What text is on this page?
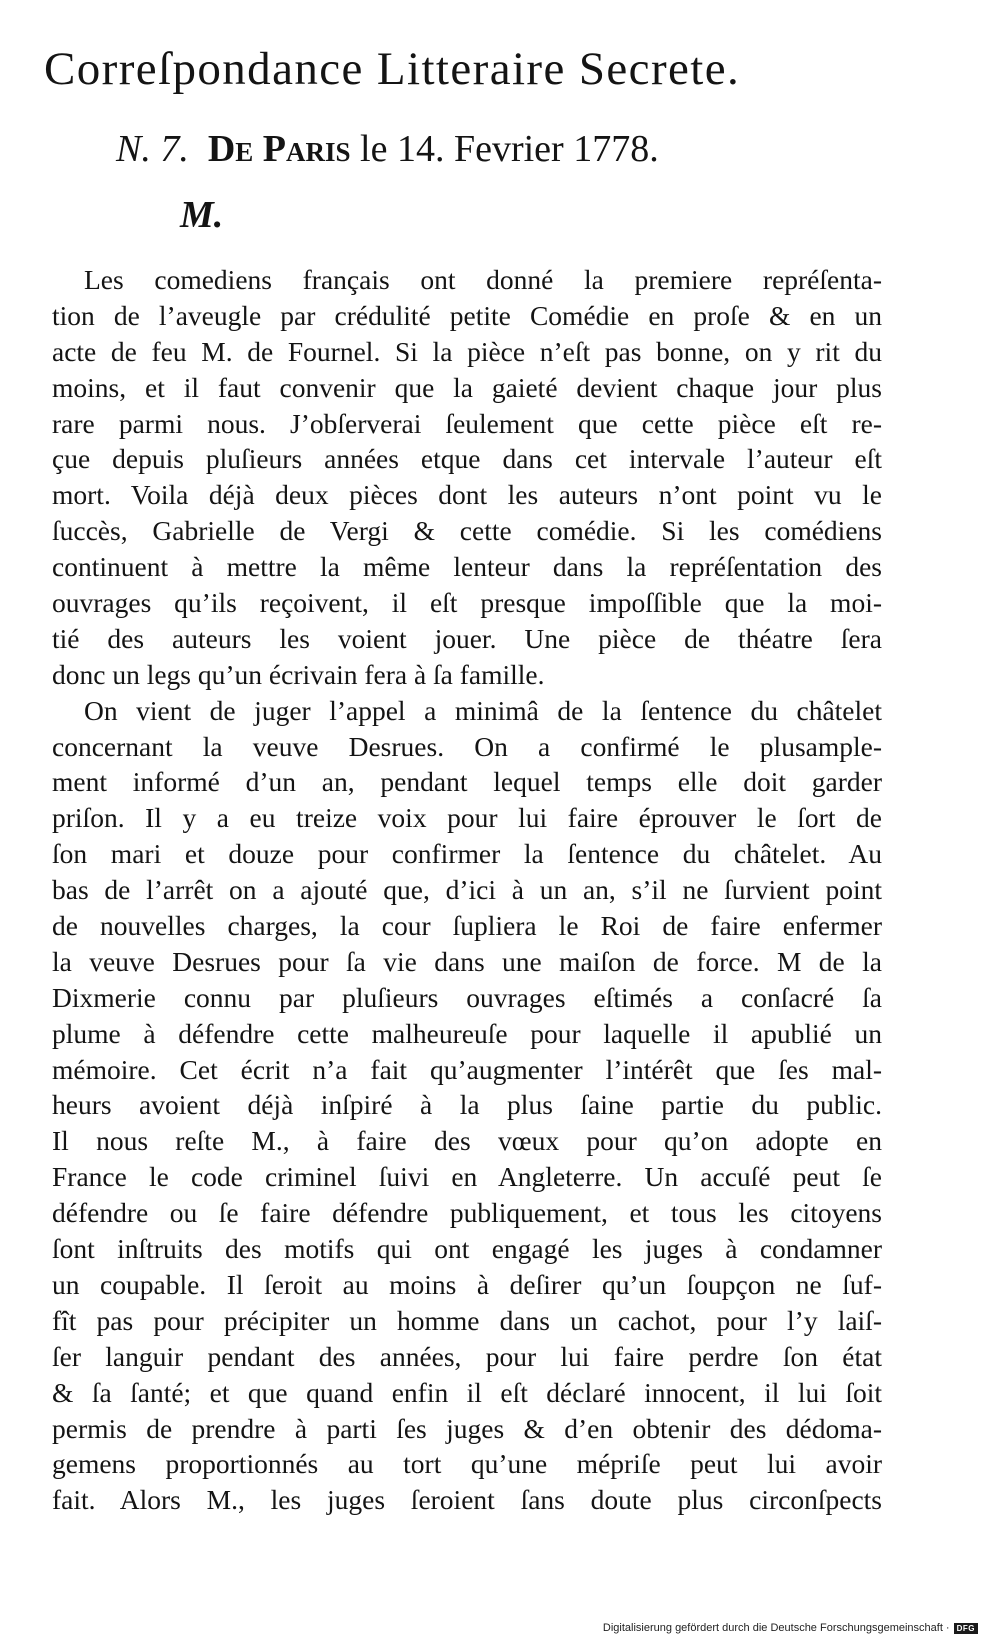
Correſpondance Litteraire Secrete.
N. 7. De Paris le 14. Fevrier 1778.
M.
Les comediens français ont donné la premiere repréſenta-
tion de l’aveugle par crédulité petite Comédie en proſe & en un
acte de feu M. de Fournel. Si la pièce n’eſt pas bonne, on y rit du
moins, et il faut convenir que la gaieté devient chaque jour plus
rare parmi nous. J’obſerverai ſeulement que cette pièce eſt re-
çue depuis pluſieurs années etque dans cet intervale l’auteur eſt
mort. Voila déjà deux pièces dont les auteurs n’ont point vu le
ſuccès, Gabrielle de Vergi & cette comédie. Si les comédiens
continuent à mettre la même lenteur dans la repréſentation des
ouvrages qu’ils reçoivent, il eſt presque impoſſible que la moi-
tié des auteurs les voient jouer. Une pièce de théatre ſera
donc un legs qu’un écrivain fera à ſa famille.
On vient de juger l’appel a minimâ de la ſentence du châtelet
concernant la veuve Desrues. On a confirmé le plusample-
ment informé d’un an, pendant lequel temps elle doit garder
priſon. Il y a eu treize voix pour lui faire éprouver le ſort de
ſon mari et douze pour confirmer la ſentence du châtelet. Au
bas de l’arrêt on a ajouté que, d’ici à un an, s’il ne ſurvient point
de nouvelles charges, la cour ſupliera le Roi de faire enfermer
la veuve Desrues pour ſa vie dans une maiſon de force. M de la
Dixmerie connu par pluſieurs ouvrages eſtimés a conſacré ſa
plume à défendre cette malheureuſe pour laquelle il apublié un
mémoire. Cet écrit n’a fait qu’augmenter l’intérêt que ſes mal-
heurs avoient déjà inſpiré à la plus ſaine partie du public.
Il nous reſte M., à faire des vœux pour qu’on adopte en
France le code criminel ſuivi en Angleterre. Un accuſé peut ſe
défendre ou ſe faire défendre publiquement, et tous les citoyens
ſont inſtruits des motifs qui ont engagé les juges à condamner
un coupable. Il ſeroit au moins à deſirer qu’un ſoupçon ne ſuf-
fît pas pour précipiter un homme dans un cachot, pour l’y laiſ-
ſer languir pendant des années, pour lui faire perdre ſon état
& ſa ſanté; et que quand enfin il eſt déclaré innocent, il lui ſoit
permis de prendre à parti ſes juges & d’en obtenir des dédoma-
gemens proportionnés au tort qu’une mépriſe peut lui avoir
fait. Alors M., les juges ſeroient ſans doute plus circonſpects
Digitalisierung gefördert durch die Deutsche Forschungsgemeinschaft · DFG
